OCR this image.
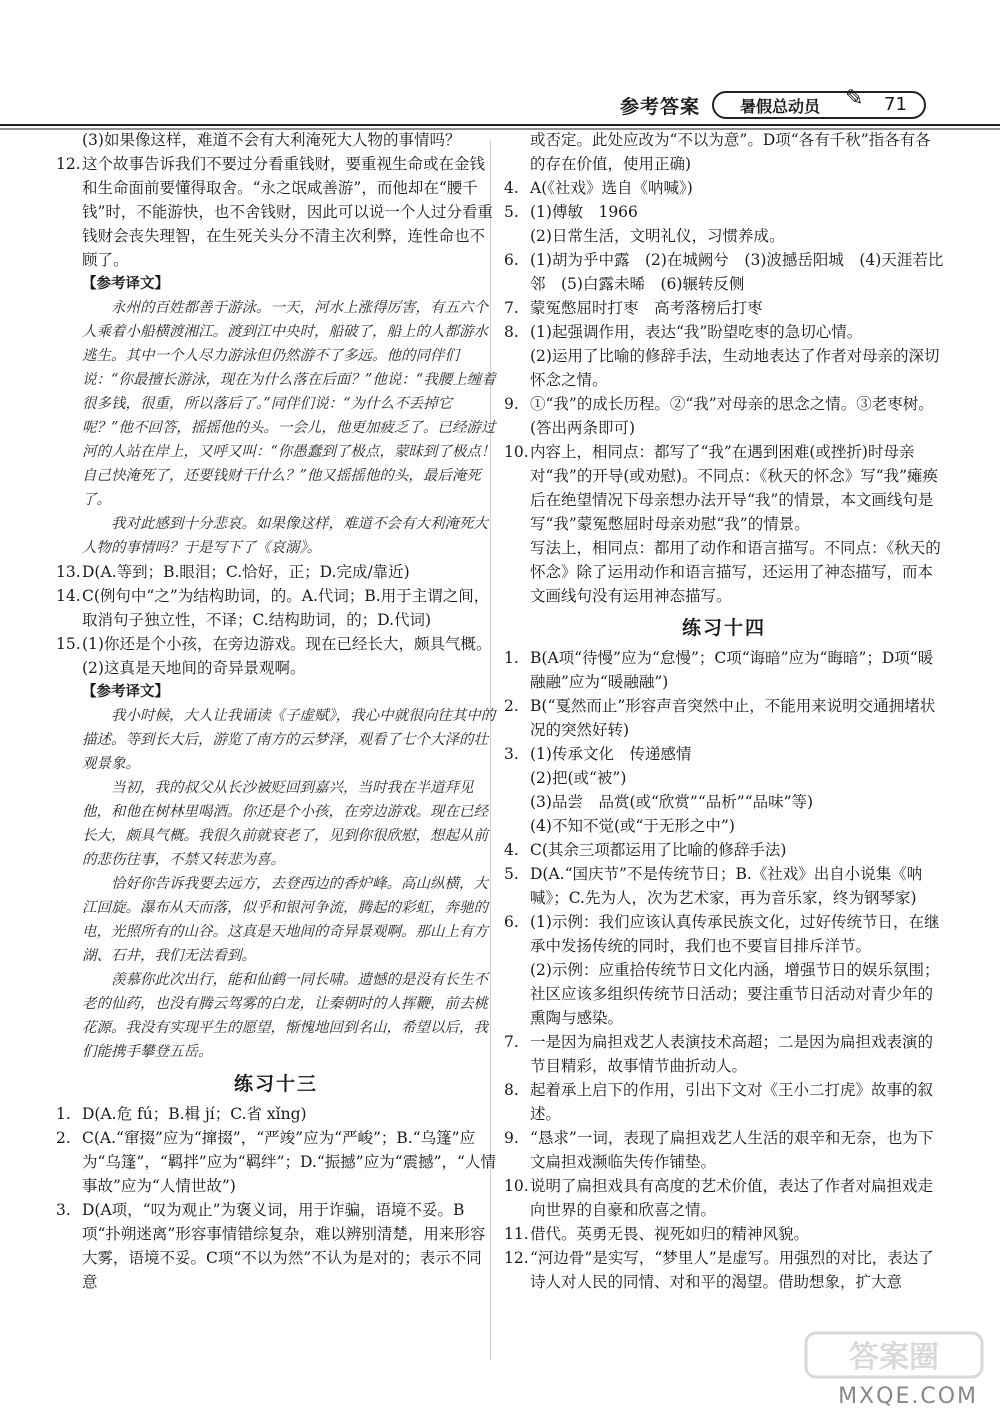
参考答案 暑假总动员 ✎ 71
(3)如果像这样，难道不会有大利淹死大人物的事情吗？
12. 这个故事告诉我们不要过分看重钱财，要重视生命或在金钱和生命面前要懂得取舍。“永之氓咸善游”，而他却在“腰千钱”时，不能游快，也不舍钱财，因此可以说一个人过分看重钱财会丧失理智，在生死关头分不清主次利弊，连性命也不顾了。
【参考译文】

永州的百姓都善于游泳。一天，河水上涨得厉害，有五六个人乘着小船横渡湘江。渡到江中央时，船破了，船上的人都游水逃生。其中一个人尽力游泳但仍然游不了多远。他的同伴们说：“你最擅长游泳，现在为什么落在后面？”他说：“我腰上缠着很多钱，很重，所以落后了。”同伴们说：“为什么不丢掉它呢？”他不回答，摇摇他的头。一会儿，他更加疲乏了。已经游过河的人站在岸上，又呼又叫：“你愚蠢到了极点，蒙昧到了极点！自己快淹死了，还要钱财干什么？”他又摇摇他的头，最后淹死了。

我对此感到十分悲哀。如果像这样，难道不会有大利淹死大人物的事情吗？于是写下了《哀溺》。

13. D(A.等到；B.眼泪；C.恰好，正；D.完成/靠近)
14. C(例句中“之”为结构助词，的。A.代词；B.用于主谓之间，取消句子独立性，不译；C.结构助词，的；D.代词)
15. (1)你还是个小孩，在旁边游戏。现在已经长大，颇具气概。
(2)这真是天地间的奇异景观啊。
【参考译文】

我小时候，大人让我诵读《子虚赋》，我心中就很向往其中的描述。等到长大后，游览了南方的云梦泽，观看了七个大泽的壮观景象。

当初，我的叔父从长沙被贬回到嘉兴，当时我在半道拜见他，和他在树林里喝酒。你还是个小孩，在旁边游戏。现在已经长大，颇具气概。我很久前就衰老了，见到你很欣慰，想起从前的悲伤往事，不禁又转悲为喜。

恰好你告诉我要去远方，去登西边的香炉峰。高山纵横，大江回旋。瀑布从天而落，似乎和银河争流，腾起的彩虹，奔驰的电，光照所有的山谷。这真是天地间的奇异景观啊。那山上有方湖、石井，我们无法看到。

羡慕你此次出行，能和仙鹤一同长啸。遗憾的是没有长生不老的仙药，也没有腾云驾雾的白龙，让秦朝时的人挥鞭，前去桃花源。我没有实现平生的愿望，惭愧地回到名山，希望以后，我们能携手攀登五岳。

练习十三
1. D(A.危 fú；B.楫 jí；C.省 xǐng)
2. C(A.“窜掇”应为“撺掇”，“严竣”应为“严峻”；B.“乌篷”应为“乌篷”，“羁拌”应为“羁绊”；D.“振撼”应为“震撼”，“人情事故”应为“人情世故”)
3. D(A项，“叹为观止”为褒义词，用于诈骗，语境不妥。B项“扑朔迷离”形容事情错综复杂，难以辨别清楚，用来形容大雾，语境不妥。C项“不以为然”不认为是对的；表示不同意
或否定。此处应改为“不以为意”。D项“各有千秋”指各有各的存在价值，使用正确)
4. A(《社戏》选自《呐喊》)
5. (1)傅敏　1966
(2)日常生活，文明礼仪，习惯养成。
6. (1)胡为乎中露　(2)在城阙兮　(3)波撼岳阳城　(4)天涯若比邻　(5)白露未晞　(6)辗转反侧
7. 蒙冤憋屈时打枣　高考落榜后打枣
8. (1)起强调作用，表达“我”盼望吃枣的急切心情。
(2)运用了比喻的修辞手法，生动地表达了作者对母亲的深切怀念之情。
9. ①“我”的成长历程。②“我”对母亲的思念之情。③老枣树。(答出两条即可)
10. 内容上，相同点：都写了“我”在遇到困难(或挫折)时母亲对“我”的开导(或劝慰)。不同点：《秋天的怀念》写“我”瘫痪后在绝望情况下母亲想办法开导“我”的情景，本文画线句是写“我”蒙冤憋屈时母亲劝慰“我”的情景。
写法上，相同点：都用了动作和语言描写。不同点：《秋天的怀念》除了运用动作和语言描写，还运用了神态描写，而本文画线句没有运用神态描写。
练习十四
1. B(A项“待慢”应为“怠慢”；C项“诲暗”应为“晦暗”；D项“暖融融”应为“暖融融”)
2. B(“戛然而止”形容声音突然中止，不能用来说明交通拥堵状况的突然好转)
3. (1)传承文化　传递感情
(2)把(或“被”)
(3)品尝　品赏(或“欣赏”“品析”“品味”等)
(4)不知不觉(或“于无形之中”)
4. C(其余三项都运用了比喻的修辞手法)
5. D(A.“国庆节”不是传统节日；B.《社戏》出自小说集《呐喊》；C.先为人，次为艺术家，再为音乐家，终为钢琴家)
6. (1)示例：我们应该认真传承民族文化，过好传统节日，在继承中发扬传统的同时，我们也不要盲目排斥洋节。
(2)示例：应重拾传统节日文化内涵，增强节日的娱乐氛围；社区应该多组织传统节日活动；要注重节日活动对青少年的熏陶与感染。
7. 一是因为扁担戏艺人表演技术高超；二是因为扁担戏表演的节目精彩，故事情节曲折动人。
8. 起着承上启下的作用，引出下文对《王小二打虎》故事的叙述。
9. “恳求”一词，表现了扁担戏艺人生活的艰辛和无奈，也为下文扁担戏濒临失传作铺垫。
10. 说明了扁担戏具有高度的艺术价值，表达了作者对扁担戏走向世界的自豪和欣喜之情。
11. 借代。英勇无畏、视死如归的精神风貌。
12. “河边骨”是实写，“梦里人”是虚写。用强烈的对比，表达了诗人对人民的同情、对和平的渴望。借助想象，扩大意
答案圈
MXQE.COM
